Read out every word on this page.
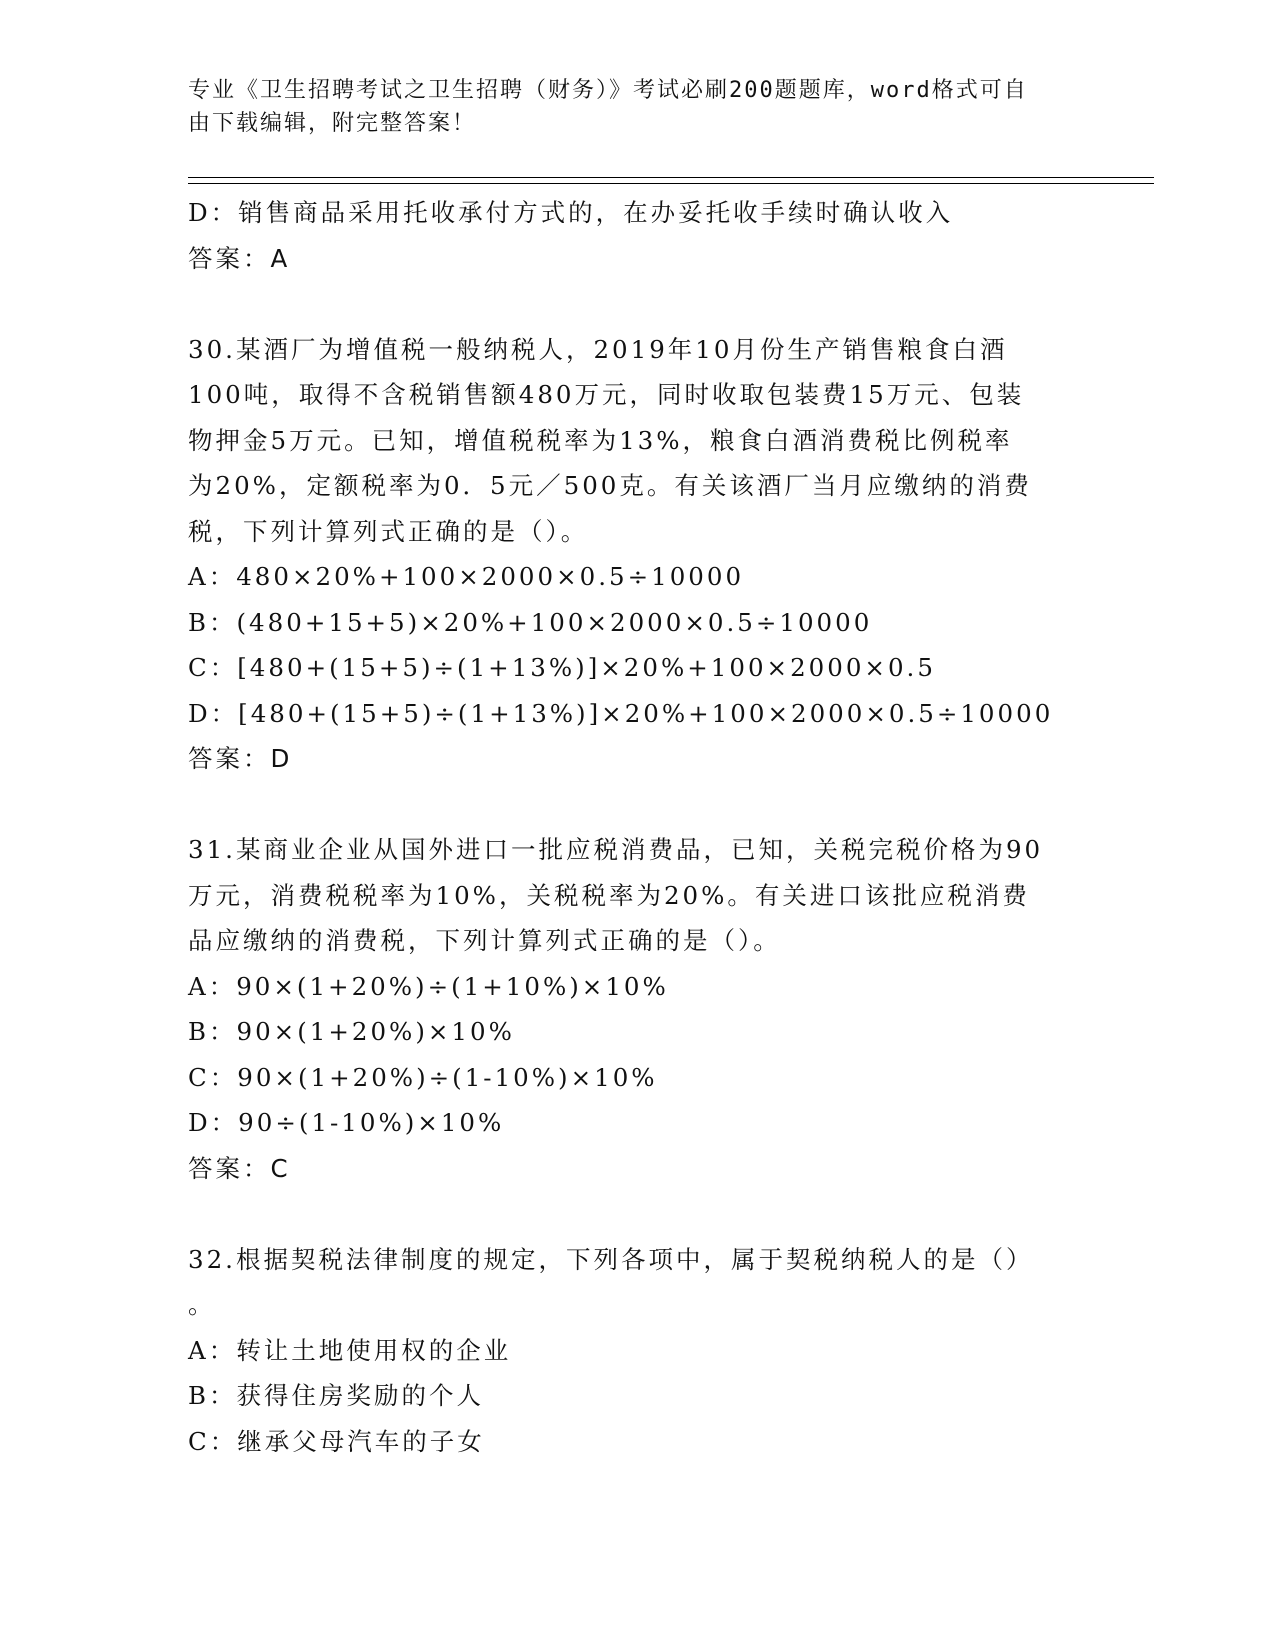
专业《卫生招聘考试之卫生招聘（财务）》考试必刷200题题库，word格式可自
由下载编辑，附完整答案！

D：销售商品采用托收承付方式的，在办妥托收手续时确认收入

答案：A

30.某酒厂为增值税一般纳税人，2019年10月份生产销售粮食白酒
100吨，取得不含税销售额480万元，同时收取包装费15万元、包装
物押金5万元。已知，增值税税率为13%，粮食白酒消费税比例税率
为20%，定额税率为0．5元／500克。有关该酒厂当月应缴纳的消费
税，下列计算列式正确的是（）。

A：480×20%+100×2000×0.5÷10000

B：(480+15+5)×20%+100×2000×0.5÷10000

C：[480+(15+5)÷(1+13%)]×20%+100×2000×0.5

D：[480+(15+5)÷(1+13%)]×20%+100×2000×0.5÷10000

答案：D

31.某商业企业从国外进口一批应税消费品，已知，关税完税价格为90
万元，消费税税率为10%，关税税率为20%。有关进口该批应税消费
品应缴纳的消费税，下列计算列式正确的是（）。

A：90×(1+20%)÷(1+10%)×10%

B：90×(1+20%)×10%

C：90×(1+20%)÷(1-10%)×10%

D：90÷(1-10%)×10%

答案：C

32.根据契税法律制度的规定，下列各项中，属于契税纳税人的是（）
。

A：转让土地使用权的企业

B：获得住房奖励的个人

C：继承父母汽车的子女
